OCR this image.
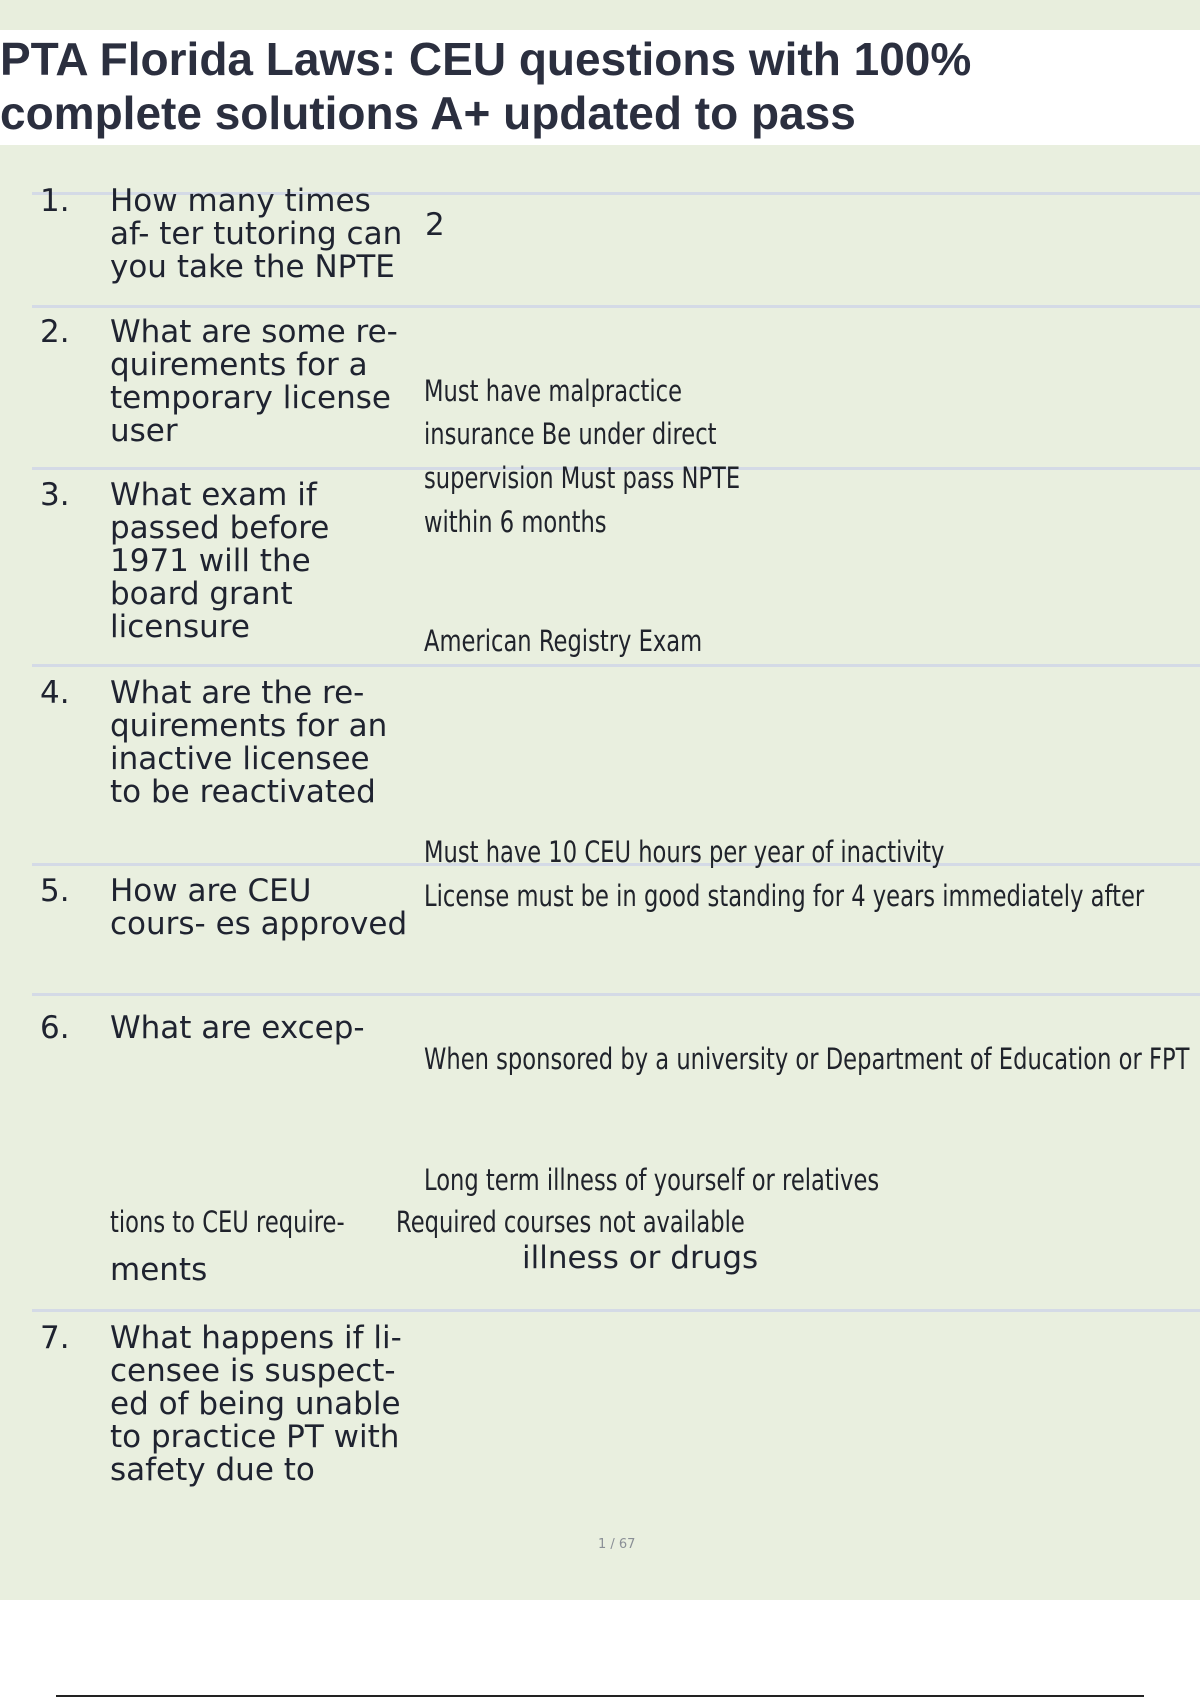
PTA Florida Laws: CEU questions with 100% complete solutions A+ updated to pass
1. How many times af- ter tutoring can you take the NPTE
2
2. What are some re- quirements for a temporary license user
Must have malpractice
insurance Be under direct
supervision Must pass NPTE
within 6 months
3. What exam if passed before 1971 will the board grant licensure	American Registry Exam
4. What are the re- quirements for an inactive licensee to be reactivated
Must have 10 CEU hours per year of inactivity
License must be in good standing for 4 years immediately after
5. How are CEU cours- es approved
When sponsored by a university or Department of Education or FPT
6. What are excep-
Long term illness of yourself or relatives
tions to CEU require- Required courses not available
ments	illness or drugs
7. What happens if li- censee is suspect- ed of being unable to practice PT with safety due to
1 / 67
